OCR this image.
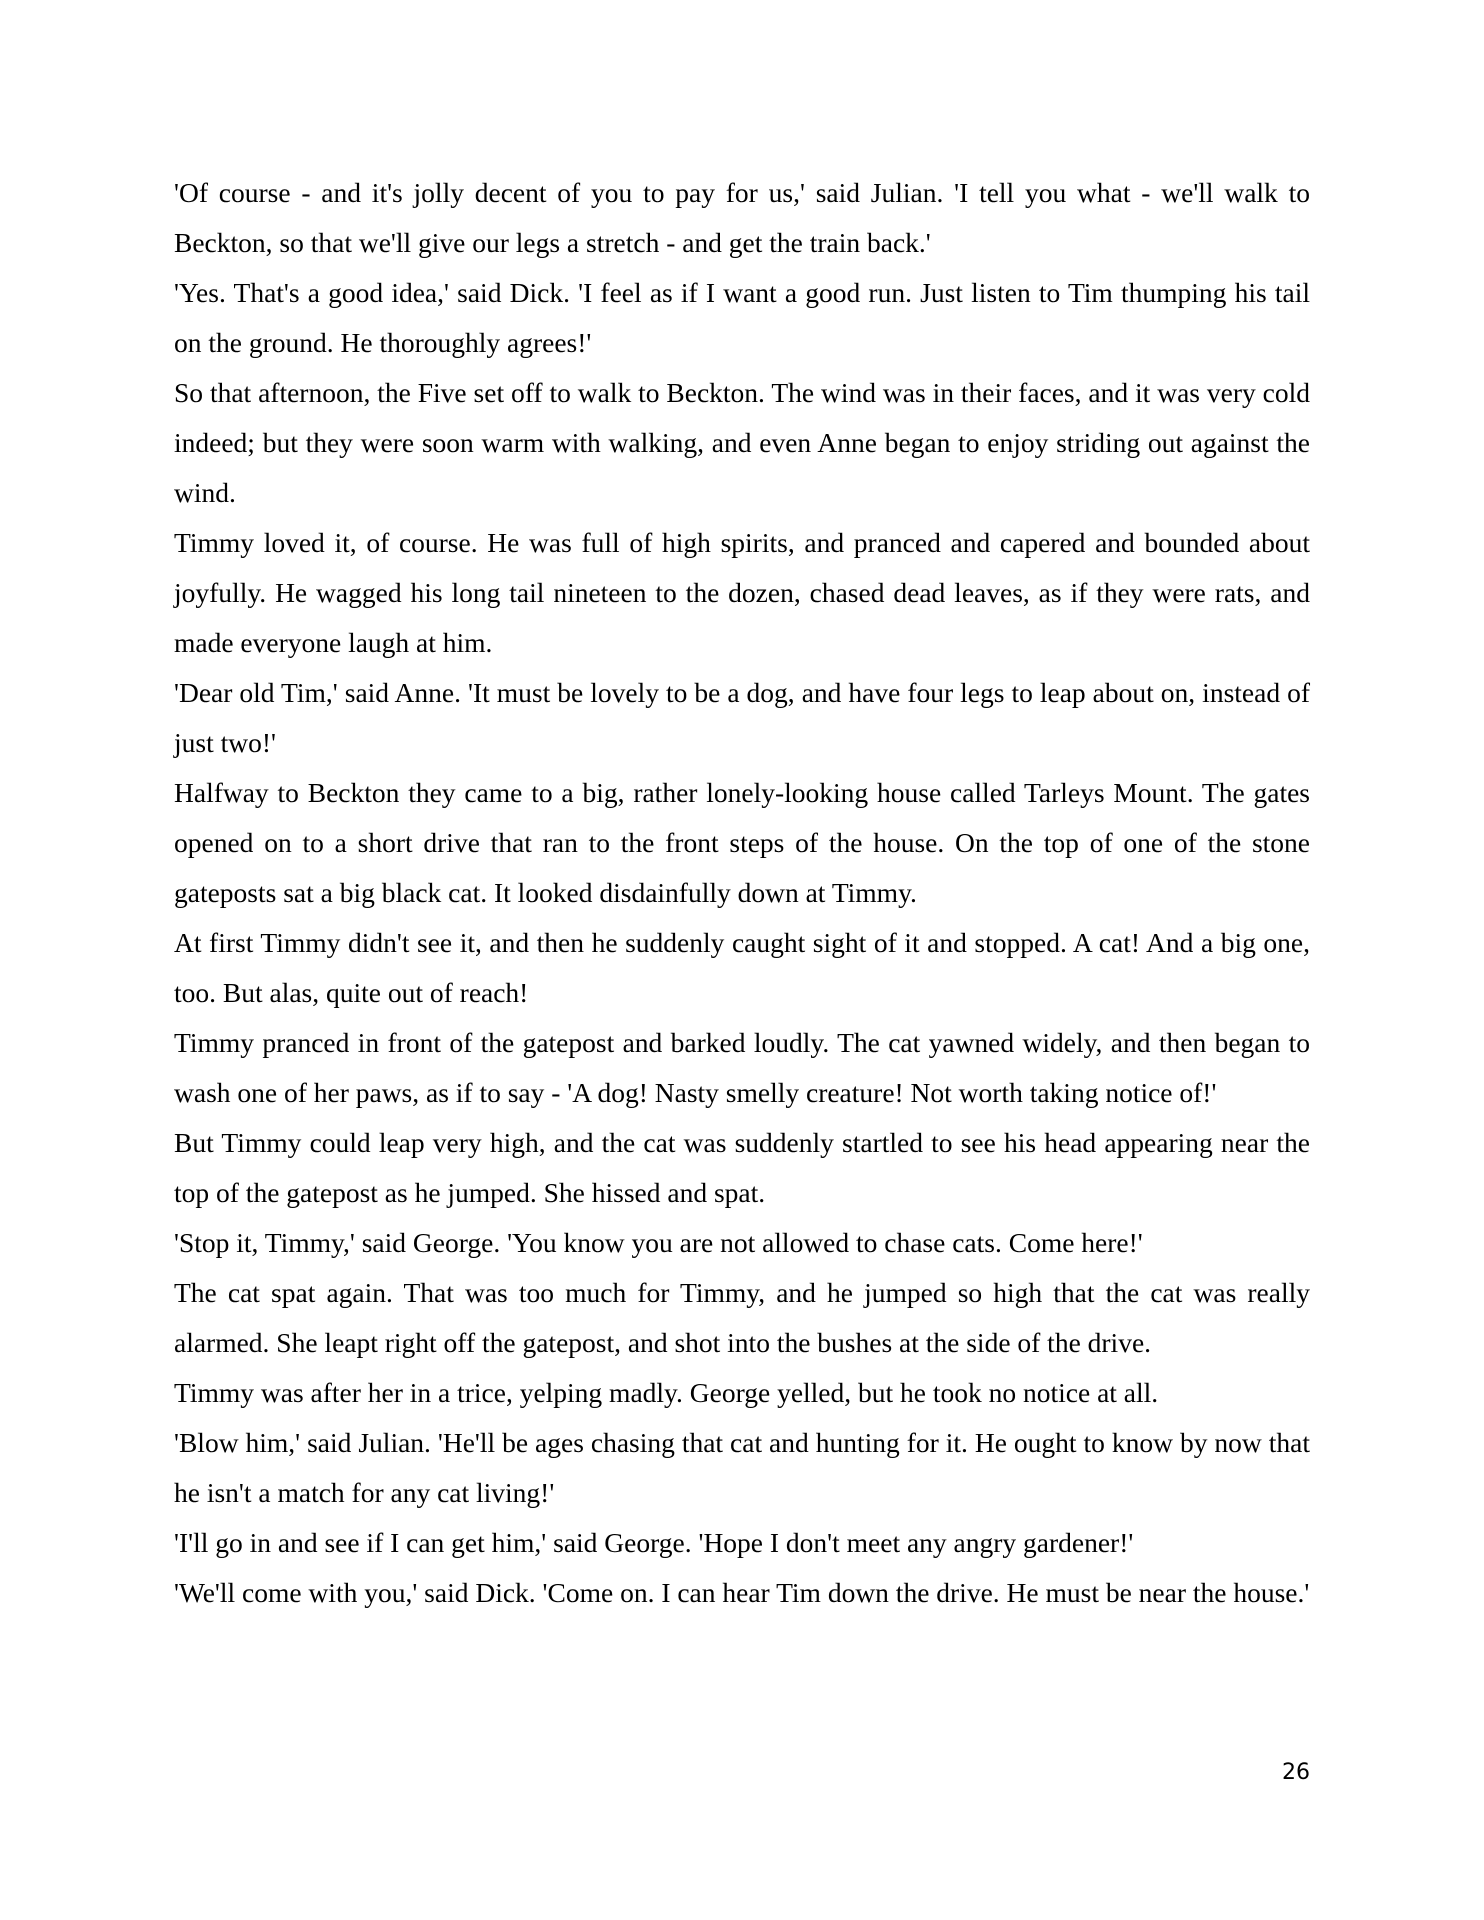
'Of course - and it's jolly decent of you to pay for us,' said Julian. 'I tell you what - we'll walk to Beckton, so that we'll give our legs a stretch - and get the train back.'

'Yes. That's a good idea,' said Dick. 'I feel as if I want a good run. Just listen to Tim thumping his tail on the ground. He thoroughly agrees!'

So that afternoon, the Five set off to walk to Beckton. The wind was in their faces, and it was very cold indeed; but they were soon warm with walking, and even Anne began to enjoy striding out against the wind.

Timmy loved it, of course. He was full of high spirits, and pranced and capered and bounded about joyfully. He wagged his long tail nineteen to the dozen, chased dead leaves, as if they were rats, and made everyone laugh at him.

'Dear old Tim,' said Anne. 'It must be lovely to be a dog, and have four legs to leap about on, instead of just two!'

Halfway to Beckton they came to a big, rather lonely-looking house called Tarleys Mount. The gates opened on to a short drive that ran to the front steps of the house. On the top of one of the stone gateposts sat a big black cat. It looked disdainfully down at Timmy.

At first Timmy didn't see it, and then he suddenly caught sight of it and stopped. A cat! And a big one, too. But alas, quite out of reach!

Timmy pranced in front of the gatepost and barked loudly. The cat yawned widely, and then began to wash one of her paws, as if to say - 'A dog! Nasty smelly creature! Not worth taking notice of!'

But Timmy could leap very high, and the cat was suddenly startled to see his head appearing near the top of the gatepost as he jumped. She hissed and spat.

'Stop it, Timmy,' said George. 'You know you are not allowed to chase cats. Come here!'

The cat spat again. That was too much for Timmy, and he jumped so high that the cat was really alarmed. She leapt right off the gatepost, and shot into the bushes at the side of the drive.

Timmy was after her in a trice, yelping madly. George yelled, but he took no notice at all.

'Blow him,' said Julian. 'He'll be ages chasing that cat and hunting for it. He ought to know by now that he isn't a match for any cat living!'

'I'll go in and see if I can get him,' said George. 'Hope I don't meet any angry gardener!'

'We'll come with you,' said Dick. 'Come on. I can hear Tim down the drive. He must be near the house.'

26
